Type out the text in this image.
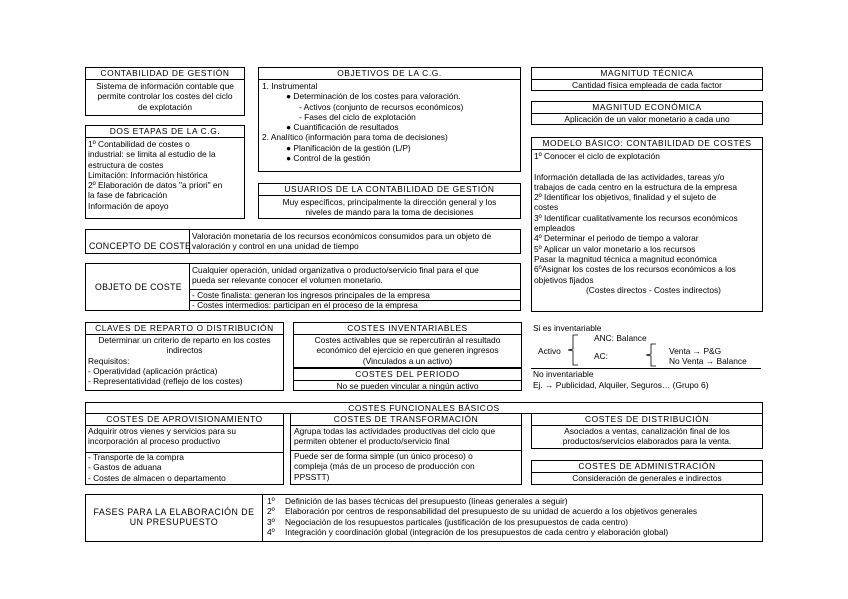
CONTABILIDAD DE GESTIÓN
Sistema de información contable que
permite controlar los costes del ciclo
de explotación
DOS ETAPAS DE LA C.G.
1º Contabilidad de costes o
industrial: se limita al estudio de la
estructura de costes
Limitación: Información histórica
2º Elaboración de datos "a priori" en
la fase de fabricación
Información de apoyo
OBJETIVOS DE LA C.G.
1. Instrumental
● Determinación de los costes para valoración.
- Activos (conjunto de recursos económicos)
- Fases del ciclo de explotación
● Cuantificación de resultados
2. Analítico (información para toma de decisiones)
● Planificación de la gestión (L/P)
● Control de la gestión
USUARIOS DE LA CONTABILIDAD DE GESTIÓN
Muy específicos, principalmente la dirección general y los
niveles de mando para la toma de decisiones
MAGNITUD TÉCNICA
Cantidad física empleada de cada factor
MAGNITUD ECONÓMICA
Aplicación de un valor monetario a cada uno
MODELO BÁSICO: CONTABILIDAD DE COSTES
1º Conocer el ciclo de explotación

Información detallada de las actividades, tareas y/o
trabajos de cada centro en la estructura de la empresa
2º Identificar los objetivos, finalidad y el sujeto de
costes
3º Identificar cualitativamente los recursos económicos
empleados
4º Determinar el periodo de tiempo a valorar
5º Aplicar un valor monetario a los recursos
Pasar la magnitud técnica a magnitud económica
6ºAsignar los costes de los recursos económicos a los
objetivos fijados
(Costes directos - Costes indirectos)
CONCEPTO DE COSTE
Valoración monetaria de los recursos económicos consumidos para un objeto de
valoración y control en una unidad de tiempo
OBJETO DE COSTE
Cualquier operación, unidad organizativa o producto/servicio final para el que
pueda ser relevante conocer el volumen monetario.
- Coste finalista: generan los ingresos principales de la empresa
- Costes intermedios: participan en el proceso de la empresa
CLAVES DE REPARTO O DISTRIBUCIÓN
Determinar un criterio de reparto en los costes
indirectos
Requisitos:
- Operatividad (aplicación práctica)
- Representatividad (reflejo de los costes)
COSTES INVENTARIABLES
Costes activables que se repercutirán al resultado
económico del ejercicio en que generen ingresos
(Vinculados a un activo)
COSTES DEL PERIODO
No se pueden vincular a ningún activo
Si es inventariable
Activo
ANC: Balance
AC:	Venta → P&G
No Venta → Balance
No inventariable
Ej. → Publicidad, Alquiler, Seguros… (Grupo 6)
COSTES FUNCIONALES BÁSICOS
COSTES DE APROVISIONAMIENTO
Adquirir otros vienes y servicios para su
incorporación al proceso productivo
- Transporte de la compra
- Gastos de aduana
- Costes de almacen o departamento
COSTES DE TRANSFORMACIÓN
Agrupa todas las actividades productivas del ciclo que
permiten obtener el producto/servicio final
Puede ser de forma simple (un único proceso) o
compleja (más de un proceso de producción con
PPSSTT)
COSTES DE DISTRIBUCIÓN
Asociados a ventas, canalización final de los
productos/servicios elaborados para la venta.
COSTES DE ADMINISTRACIÓN
Consideración de generales e indirectos
FASES PARA LA ELABORACIÓN DE
UN PRESUPUESTO
1º Definición de las bases técnicas del presupuesto (líneas generales a seguir)
2º Elaboración por centros de responsabilidad del presupuesto de su unidad de acuerdo a los objetivos generales
3º Negociación de los resupuestos particales (justificación de los presupuestos de cada centro)
4º Integración y coordinación global (integración de los presupuestos de cada centro y elaboración global)
